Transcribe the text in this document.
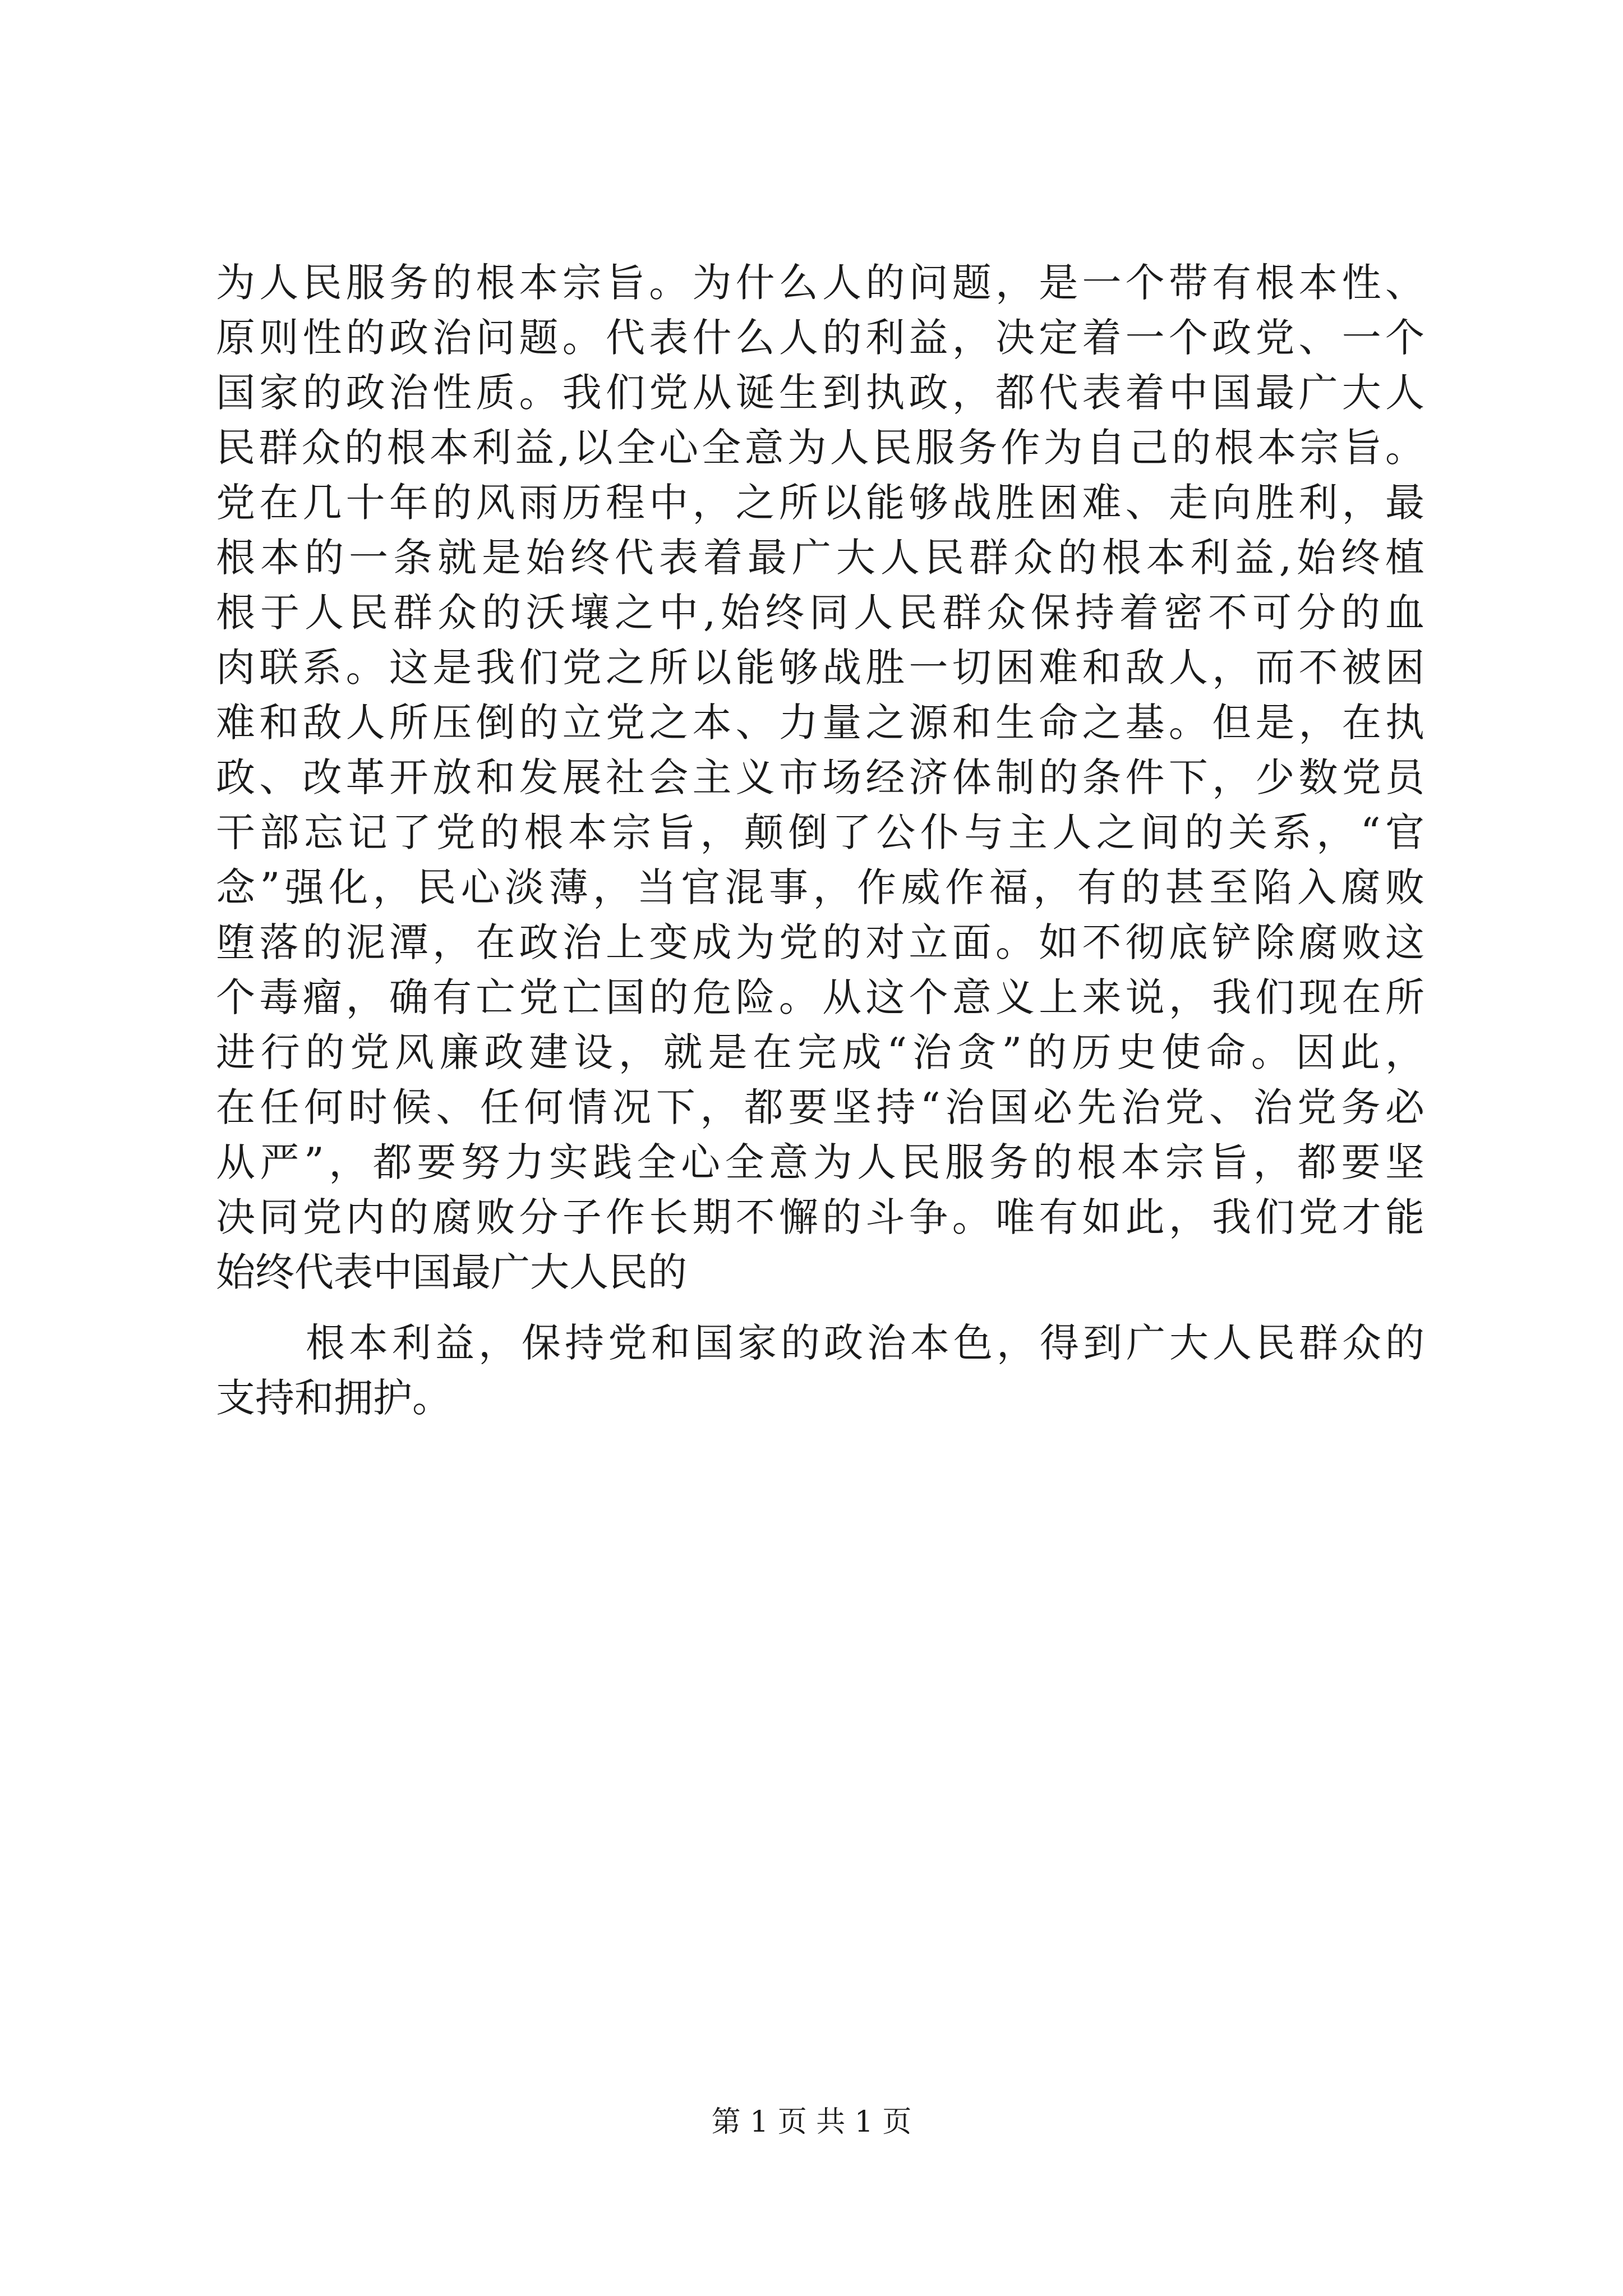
为人民服务的根本宗旨。为什么人的问题，是一个带有根本性、
原则性的政治问题。代表什么人的利益，决定着一个政党、一个
国家的政治性质。我们党从诞生到执政，都代表着中国最广大人
民群众的根本利益,以全心全意为人民服务作为自己的根本宗旨。
党在几十年的风雨历程中，之所以能够战胜困难、走向胜利，最
根本的一条就是始终代表着最广大人民群众的根本利益,始终植
根于人民群众的沃壤之中,始终同人民群众保持着密不可分的血
肉联系。这是我们党之所以能够战胜一切困难和敌人，而不被困
难和敌人所压倒的立党之本、力量之源和生命之基。但是，在执
政、改革开放和发展社会主义市场经济体制的条件下，少数党员
干部忘记了党的根本宗旨，颠倒了公仆与主人之间的关系，“官
念”强化，民心淡薄，当官混事，作威作福，有的甚至陷入腐败
堕落的泥潭，在政治上变成为党的对立面。如不彻底铲除腐败这
个毒瘤，确有亡党亡国的危险。从这个意义上来说，我们现在所
进行的党风廉政建设，就是在完成“治贪”的历史使命。因此，
在任何时候、任何情况下，都要坚持“治国必先治党、治党务必
从严”，都要努力实践全心全意为人民服务的根本宗旨，都要坚
决同党内的腐败分子作长期不懈的斗争。唯有如此，我们党才能
始终代表中国最广大人民的
根本利益，保持党和国家的政治本色，得到广大人民群众的
支持和拥护。
第 1 页 共 1 页
